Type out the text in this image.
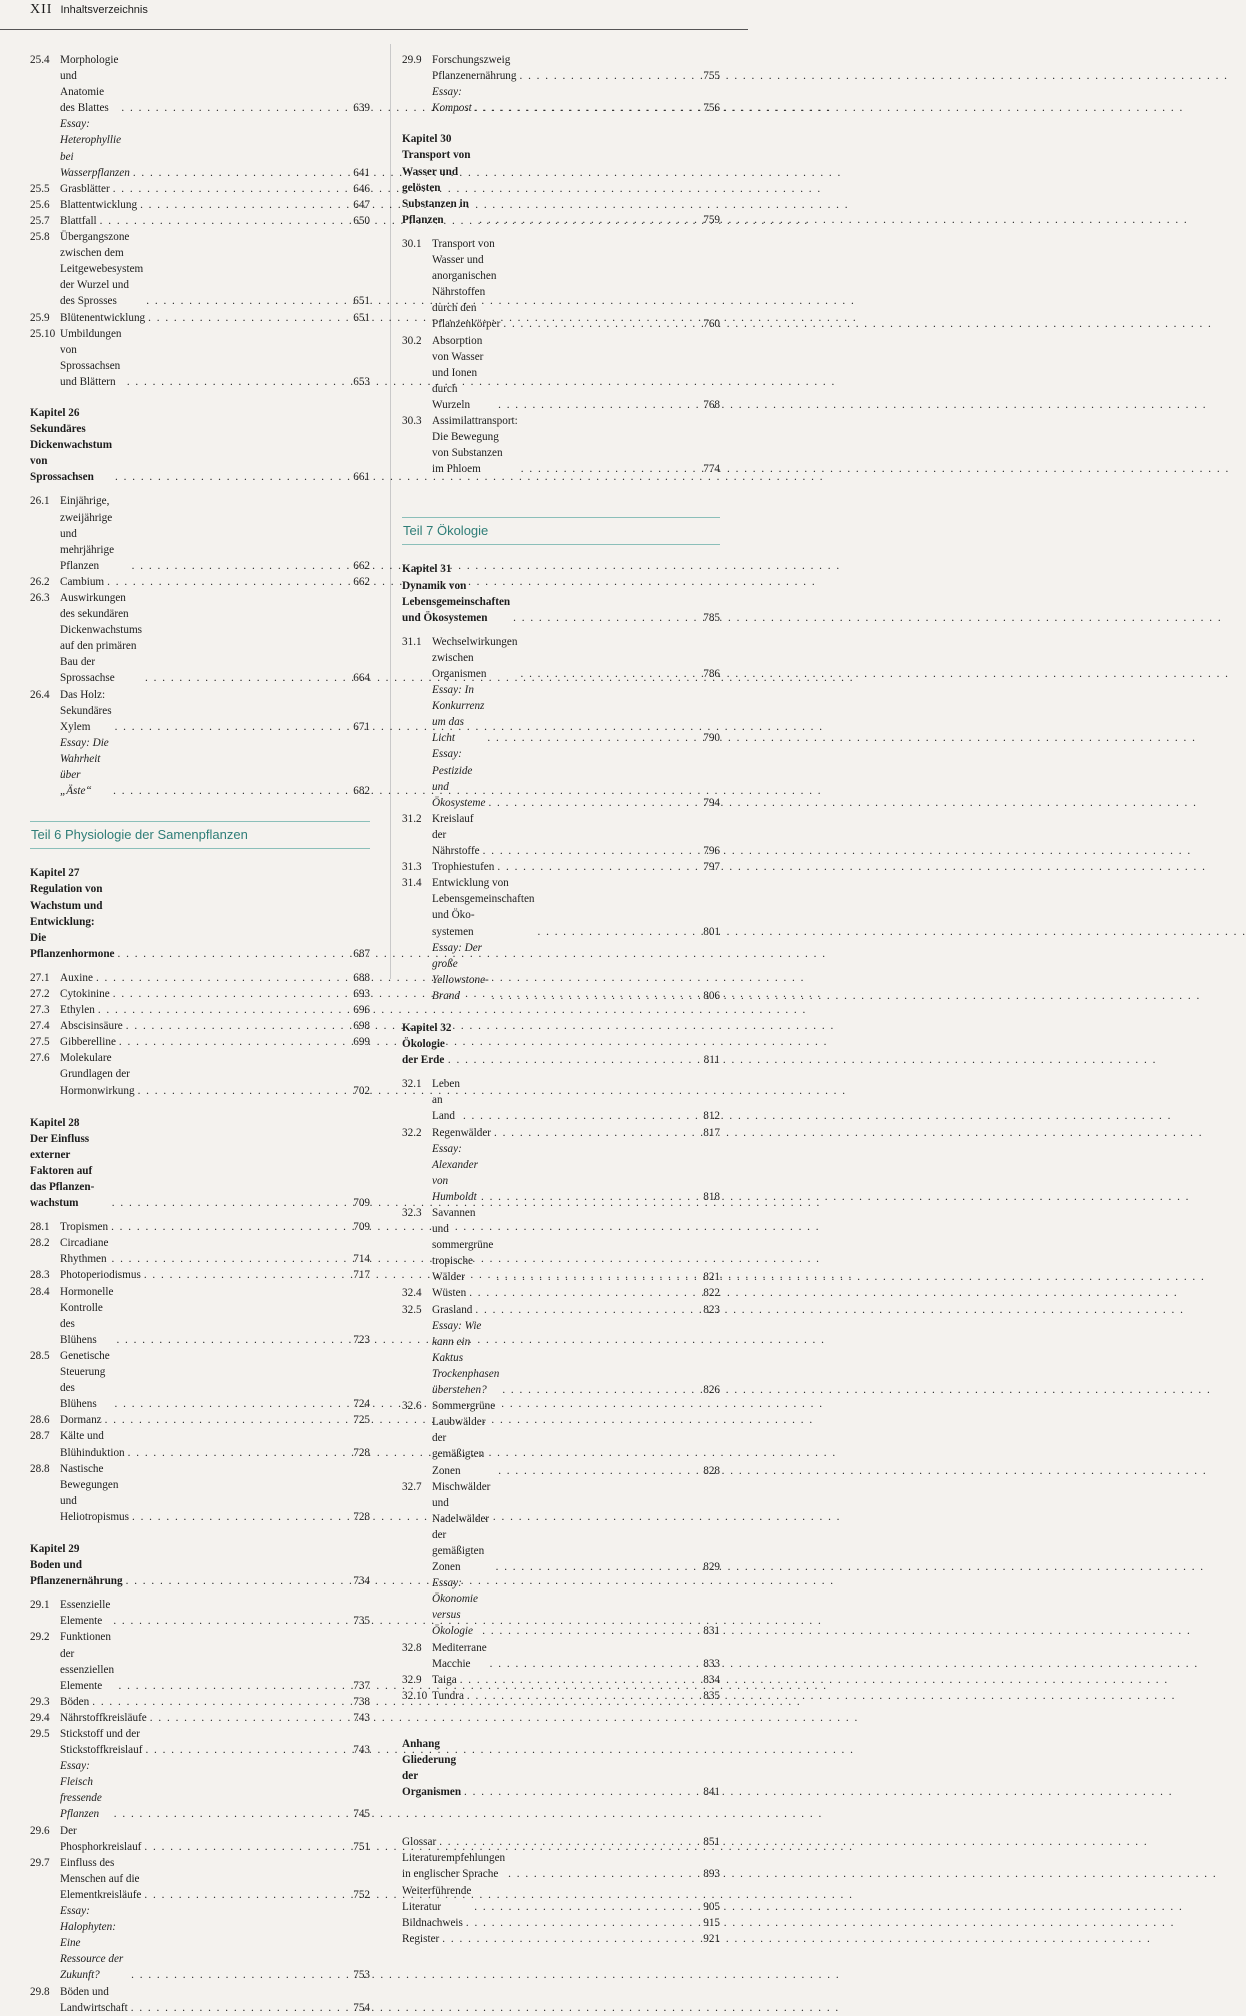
XII Inhaltsverzeichnis
25.4 Morphologie und Anatomie des Blattes . . .	639
Essay: Heterophyllie bei Wasserpflanzen . . .	641
25.5 Grasblätter . . .	646
25.6 Blattentwicklung . . .	647
25.7 Blattfall . . .	650
25.8 Übergangszone zwischen dem Leitgewebesystem
der Wurzel und des Sprosses . . .	651
25.9 Blütenentwicklung . . .	651
25.10 Umbildungen von Sprossachsen und Blättern . . .	653
Kapitel 26
Sekundäres Dickenwachstum von Sprossachsen . . .	661
26.1 Einjährige, zweijährige und mehrjährige Pflanzen . . .	662
26.2 Cambium . . .	662
26.3 Auswirkungen des sekundären Dickenwachstums
auf den primären Bau der Sprossachse . . .	664
26.4 Das Holz: Sekundäres Xylem . . .	671
Essay: Die Wahrheit über „Äste“ . . .	682
Teil 6 Physiologie der Samenpflanzen
Kapitel 27
Regulation von Wachstum und Entwicklung:
Die Pflanzenhormone . . .	687
27.1 Auxine . . .	688
27.2 Cytokinine . . .	693
27.3 Ethylen . . .	696
27.4 Abscisinsäure . . .	698
27.5 Gibberelline . . .	699
27.6 Molekulare Grundlagen der Hormonwirkung . . .	702
Kapitel 28
Der Einfluss externer Faktoren auf das Pflanzen-
wachstum . . .	709
28.1 Tropismen . . .	709
28.2 Circadiane Rhythmen . . .	714
28.3 Photoperiodismus . . .	717
28.4 Hormonelle Kontrolle des Blühens . . .	723
28.5 Genetische Steuerung des Blühens . . .	724
28.6 Dormanz . . .	725
28.7 Kälte und Blühinduktion . . .	728
28.8 Nastische Bewegungen und Heliotropismus . . .	728
Kapitel 29
Boden und Pflanzenernährung . . .	734
29.1 Essenzielle Elemente . . .	735
29.2 Funktionen der essenziellen Elemente . . .	737
29.3 Böden . . .	738
29.4 Nährstoffkreisläufe . . .	743
29.5 Stickstoff und der Stickstoffkreislauf . . .	743
Essay: Fleisch fressende Pflanzen . . .	745
29.6 Der Phosphorkreislauf . . .	751
29.7 Einfluss des Menschen auf die Elementkreisläufe . . .	752
Essay: Halophyten: Eine Ressource der Zukunft? . . .	753
29.8 Böden und Landwirtschaft . . .	754
29.9 Forschungszweig Pflanzenernährung . . .	755
Essay: Kompost . . .	756
Kapitel 30
Transport von Wasser und gelösten Substanzen in
Pflanzen . . .	759
30.1 Transport von Wasser und anorganischen
Nährstoffen durch den Pflanzenkörper . . .	760
30.2 Absorption von Wasser und Ionen durch Wurzeln . . .	768
30.3 Assimilattransport: Die Bewegung von Substanzen
im Phloem . . .	774
Teil 7 Ökologie
Kapitel 31
Dynamik von Lebensgemeinschaften und Ökosystemen . . .	785
31.1 Wechselwirkungen zwischen Organismen . . .	786
Essay: In Konkurrenz um das Licht . . .	790
Essay: Pestizide und Ökosysteme . . .	794
31.2 Kreislauf der Nährstoffe . . .	796
31.3 Trophiestufen . . .	797
31.4 Entwicklung von Lebensgemeinschaften und Öko-
systemen . . .	801
Essay: Der große Yellowstone-Brand . . .	806
Kapitel 32
Ökologie der Erde . . .	811
32.1 Leben an Land . . .	812
32.2 Regenwälder . . .	817
Essay: Alexander von Humboldt . . .	818
32.3 Savannen und sommergrüne tropische Wälder . . .	821
32.4 Wüsten . . .	822
32.5 Grasland . . .	823
Essay: Wie kann ein Kaktus Trockenphasen
überstehen? . . .	826
32.6 Sommergrüne Laubwälder der gemäßigten
Zonen . . .	828
32.7 Mischwälder und Nadelwälder der gemäßigten
Zonen . . .	829
Essay: Ökonomie versus Ökologie . . .	831
32.8 Mediterrane Macchie . . .	833
32.9 Taiga . . .	834
32.10 Tundra . . .	835
Anhang
Gliederung der Organismen . . .	841
Glossar . . .	851
Literaturempfehlungen in englischer Sprache . . .	893
Weiterführende Literatur . . .	905
Bildnachweis . . .	915
Register . . .	921
